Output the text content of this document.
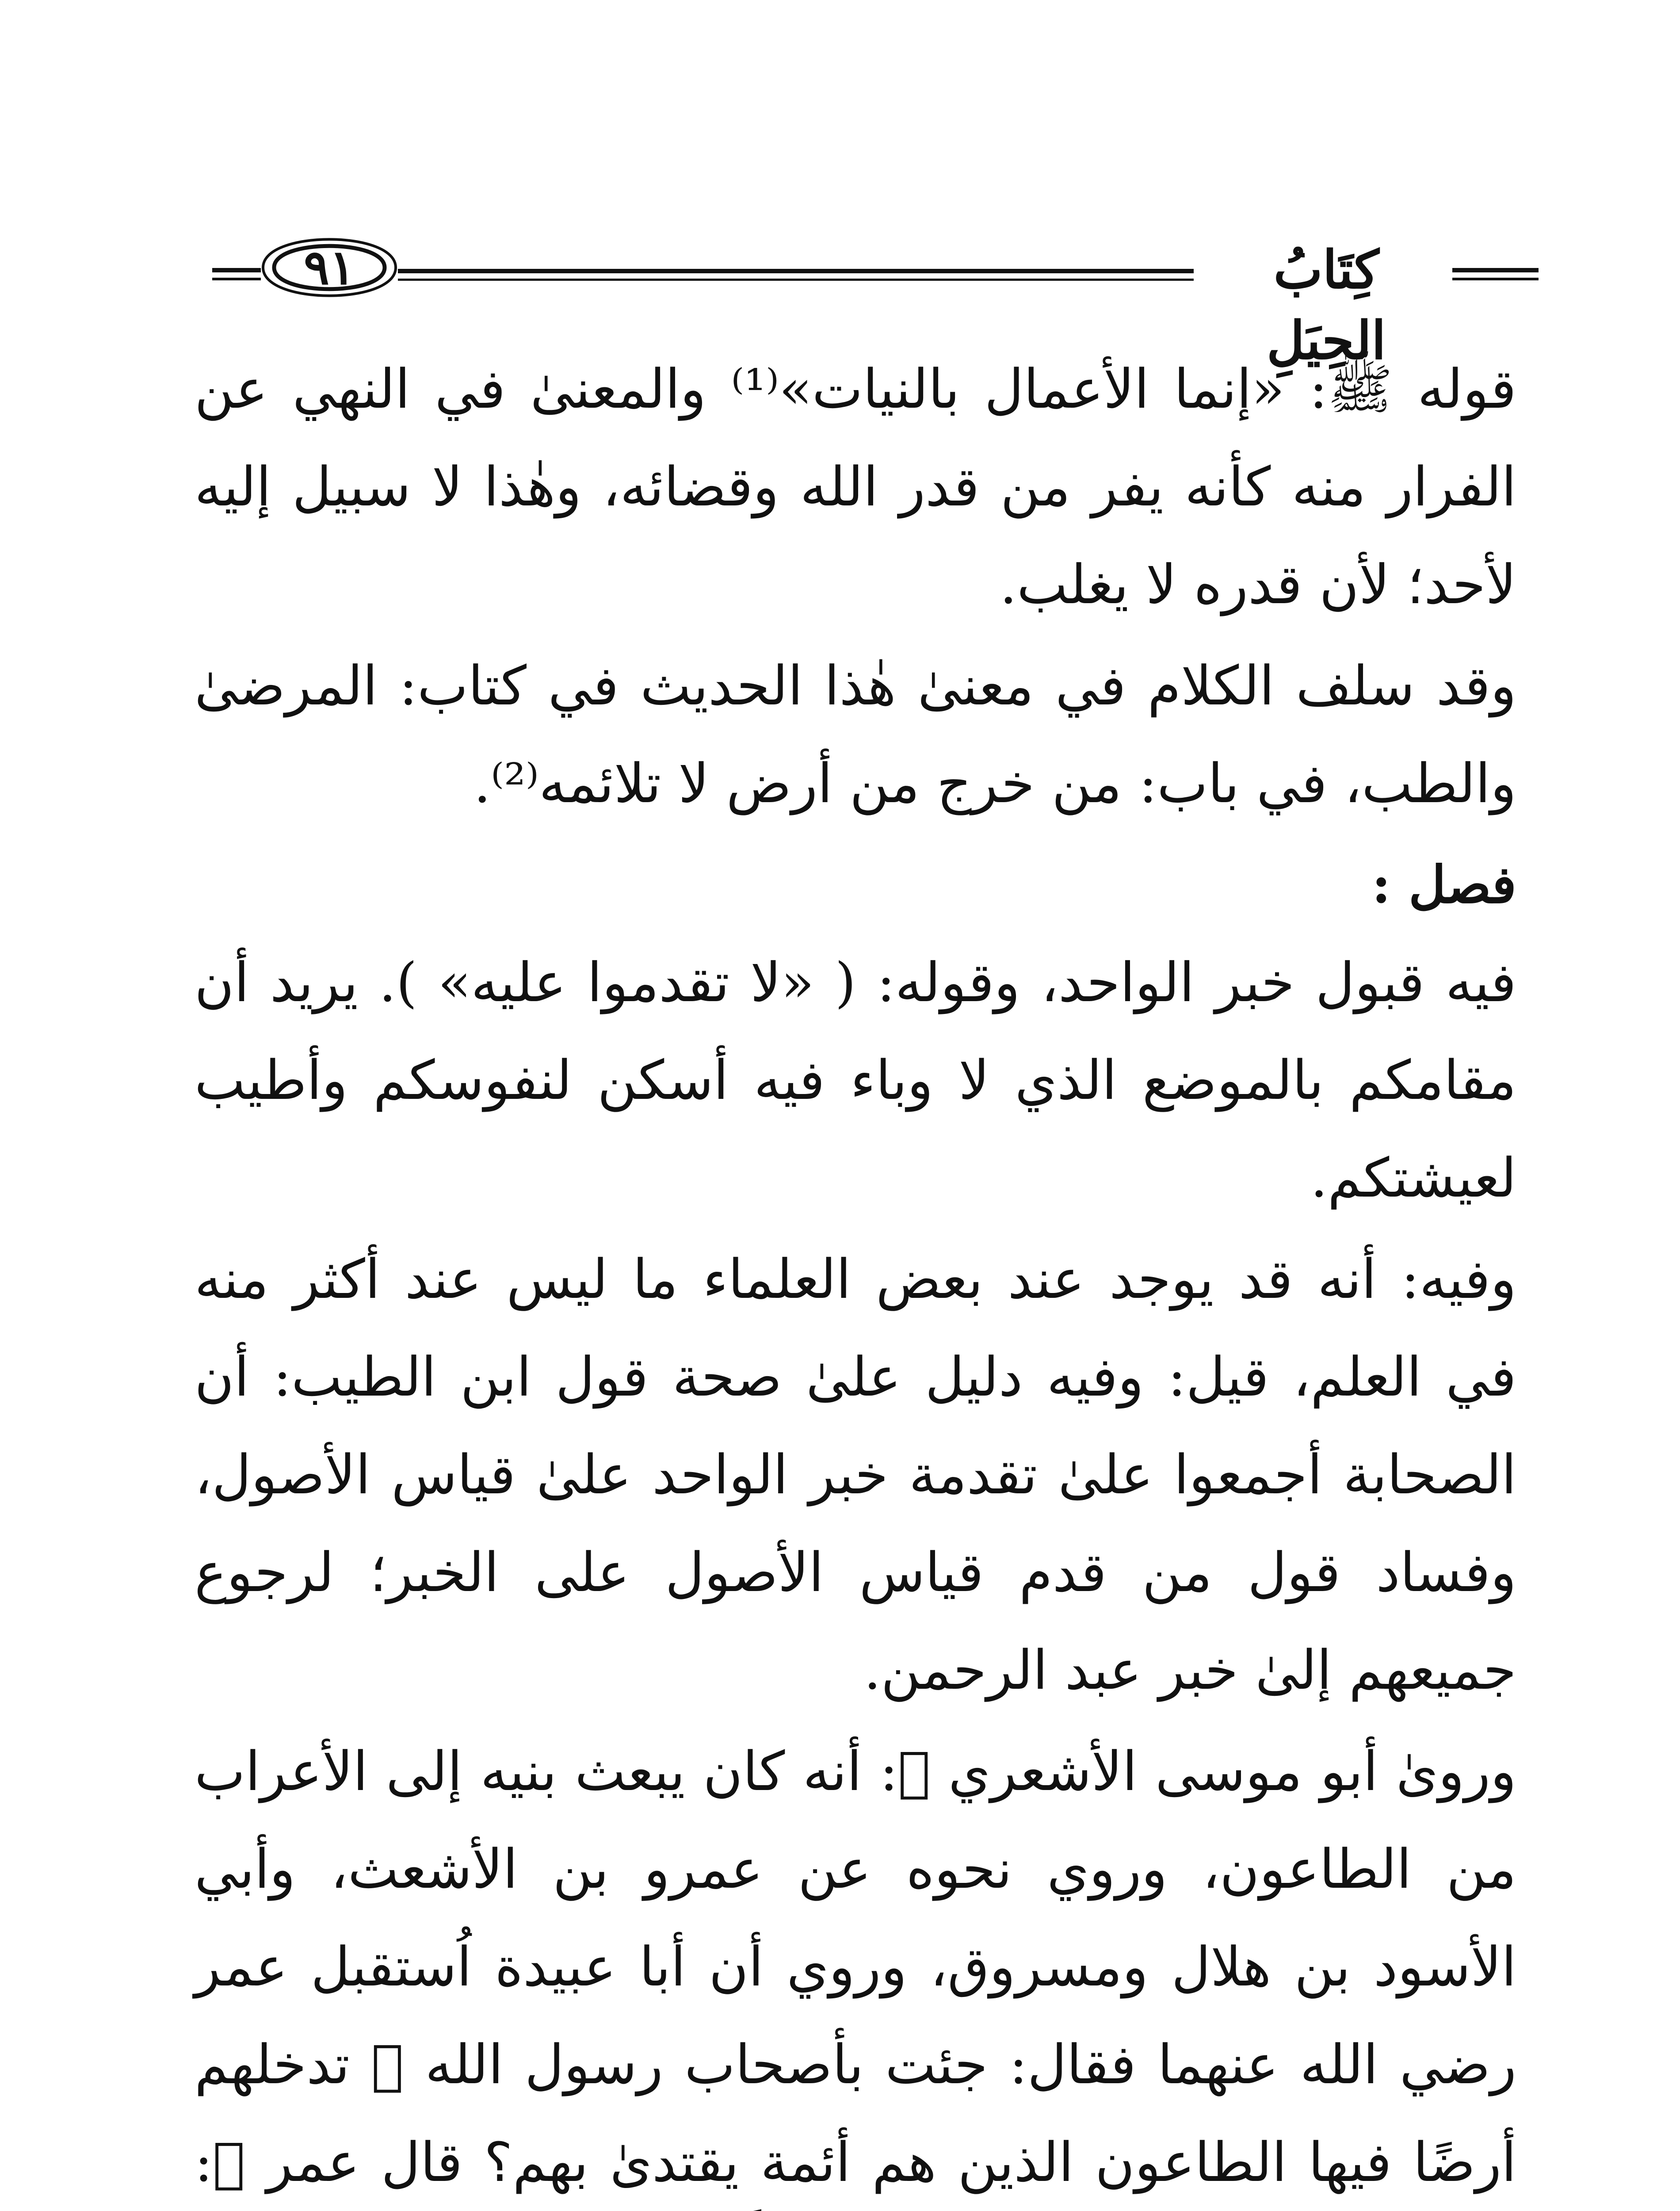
كِتَابُ الحِيَلِ
٩١

قوله ﷺ: «إنما الأعمال بالنيات»⁽¹⁾ والمعنىٰ في النهي عن الفرار منه كأنه يفر من قدر الله وقضائه، وهٰذا لا سبيل إليه لأحد؛ لأن قدره لا يغلب.

وقد سلف الكلام في معنىٰ هٰذا الحديث في كتاب: المرضىٰ والطب، في باب: من خرج من أرض لا تلائمه⁽²⁾.

فصل :

فيه قبول خبر الواحد، وقوله: ( «لا تقدموا عليه» ). يريد أن مقامكم بالموضع الذي لا وباء فيه أسكن لنفوسكم وأطيب لعيشتكم.

وفيه: أنه قد يوجد عند بعض العلماء ما ليس عند أكثر منه في العلم، قيل: وفيه دليل علىٰ صحة قول ابن الطيب: أن الصحابة أجمعوا علىٰ تقدمة خبر الواحد علىٰ قياس الأصول، وفساد قول من قدم قياس الأصول على الخبر؛ لرجوع جميعهم إلىٰ خبر عبد الرحمن.

ورویٰ أبو موسى الأشعري ﷺ: أنه كان يبعث بنيه إلى الأعراب من الطاعون، وروي نحوه عن عمرو بن الأشعث، وأبي الأسود بن هلال ومسروق، وروي أن أبا عبيدة اُستقبل عمر رضي الله عنهما فقال: جئت بأصحاب رسول الله ﷺ تدخلهم أرضًا فيها الطاعون الذين هم أئمة يقتدىٰ بهم؟ قال عمر ﷺ:
